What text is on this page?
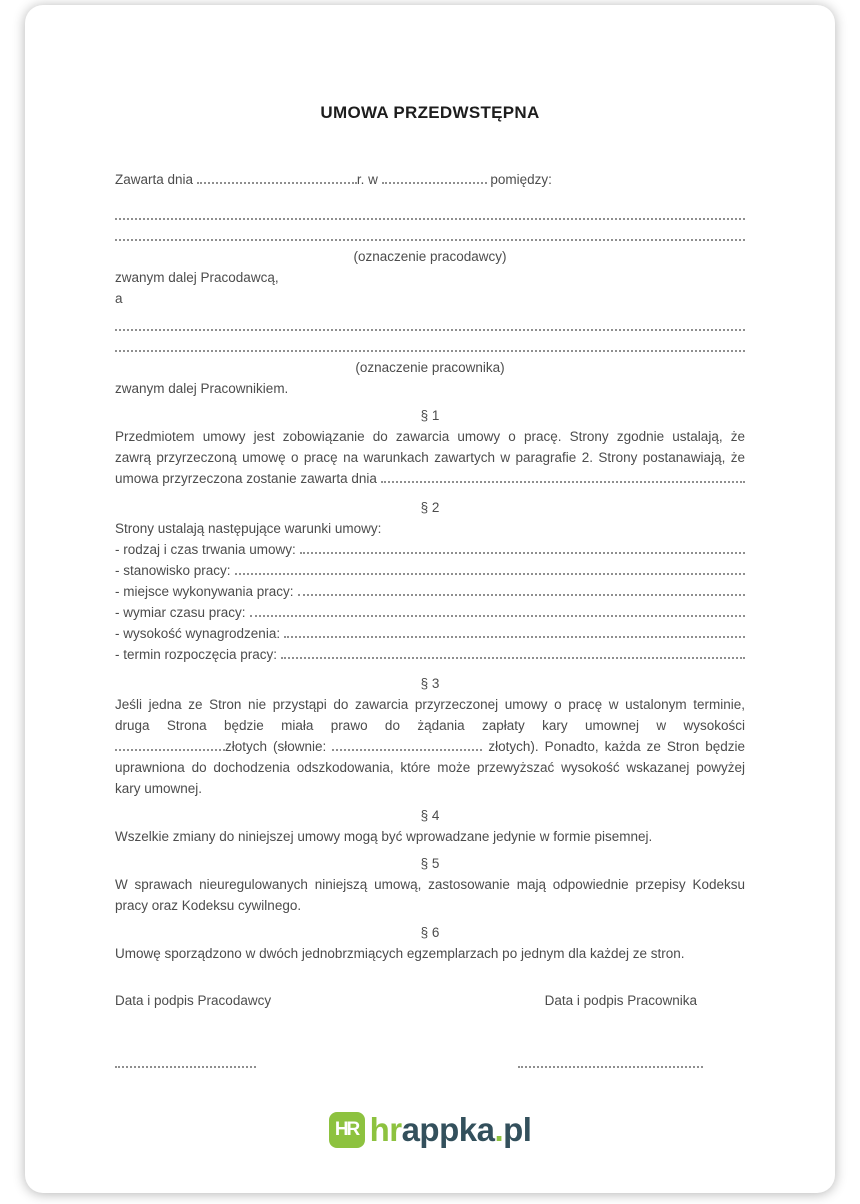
UMOWA PRZEDWSTĘPNA
Zawarta dnia	r. w	pomiędzy:
(oznaczenie pracodawcy)
zwanym dalej Pracodawcą,
a
(oznaczenie pracownika)
zwanym dalej Pracownikiem.
§ 1
Przedmiotem umowy jest zobowiązanie do zawarcia umowy o pracę. Strony zgodnie ustalają, że
zawrą przyrzeczoną umowę o pracę na warunkach zawartych w paragrafie 2. Strony postanawiają, że
umowa przyrzeczona zostanie zawarta dnia
§ 2
Strony ustalają następujące warunki umowy:
- rodzaj i czas trwania umowy:
- stanowisko pracy:
- miejsce wykonywania pracy:
- wymiar czasu pracy:
- wysokość wynagrodzenia:
- termin rozpoczęcia pracy:
§ 3
Jeśli jedna ze Stron nie przystąpi do zawarcia przyrzeczonej umowy o pracę w ustalonym terminie,
druga Strona będzie miała prawo do żądania zapłaty kary umownej w wysokości
złotych (słownie:	złotych). Ponadto, każda ze Stron będzie
uprawniona do dochodzenia odszkodowania, które może przewyższać wysokość wskazanej powyżej
kary umownej.
§ 4
Wszelkie zmiany do niniejszej umowy mogą być wprowadzane jedynie w formie pisemnej.
§ 5
W sprawach nieuregulowanych niniejszą umową, zastosowanie mają odpowiednie przepisy Kodeksu
pracy oraz Kodeksu cywilnego.
§ 6
Umowę sporządzono w dwóch jednobrzmiących egzemplarzach po jednym dla każdej ze stron.
Data i podpis Pracodawcy	Data i podpis Pracownika
HR hrappka.pl
